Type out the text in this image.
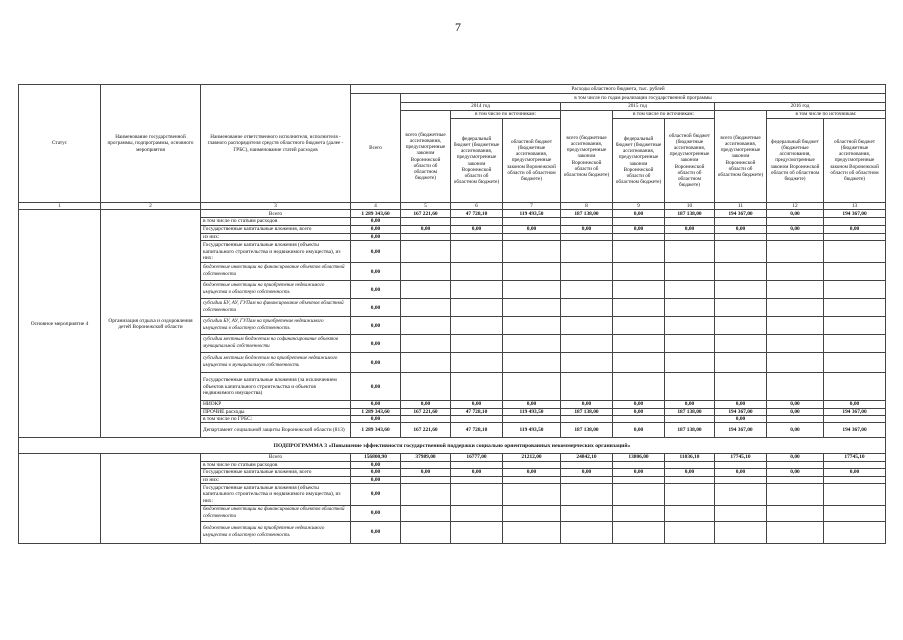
7
Статус	Наименование государственной программы, подпрограммы, основного мероприятия	Наименование ответственного исполнителя, исполнителя - главного распорядителя средств областного бюджета (далее - ГРБС), наименование статей расходов	Расходы областного бюджета, тыс. рублей									
			Всего	в том числе по годам реализации государственной программы								
				2014 год			2015 год			2016 год		
				всего (бюджетные ассигнования, предусмотренные законом Воронежской области об областном бюджете)	в том числе по источникам:		всего (бюджетные ассигнования, предусмотренные законом Воронежской области об областном бюджете)	в том числе по источникам:		всего (бюджетные ассигнования, предусмотренные законом Воронежской области об областном бюджете)	в том числе по источникам:	
					федеральный бюджет (бюджетные ассигнования, предусмотренные законом Воронежской области об областном бюджете)	областной бюджет (бюджетные ассигнования, предусмотренные законом Воронежской области об областном бюджете)		федеральный бюджет (бюджетные ассигнования, предусмотренные законом Воронежской области об областном бюджете)	областной бюджет (бюджетные ассигнования, предусмотренные законом Воронежской области об областном бюджете)		федеральный бюджет (бюджетные ассигнования, предусмотренные законом Воронежской области об областном бюджете)	областной бюджет (бюджетные ассигнования, предусмотренные законом Воронежской области об областном бюджете)
1	2	3	4	5	6	7	8	9	10	11	12	13
Основное мероприятие 4	Организация отдыха и оздоровления детей Воронежской области	Всего	1 289 343,60	167 221,60	47 728,10	119 493,50	187 138,00	0,00	187 138,00	194 367,00	0,00	194 367,00
		в том числе по статьям расходов	0,00									
		Государственные капитальные вложения, всего	0,00	0,00	0,00	0,00	0,00	0,00	0,00	0,00	0,00	0,00
		из них:	0,00									
		Государственные капитальные вложения (объекты капитального строительства и недвижимого имущества), из них:	0,00									
		бюджетные инвестиции на финансирование объектов областной собственности	0,00									
		бюджетные инвестиции на приобретение недвижимого имущества в областную собственность	0,00									
		субсидии БУ, АУ, ГУПам на финансирование объектов областной собственности	0,00									
		субсидии БУ, АУ, ГУПам на приобретение недвижимого имущества в областную собственность	0,00									
		субсидии местным бюджетам на софинансирование объектов муниципальной собственности	0,00									
		субсидии местным бюджетам на приобретение недвижимого имущества в муниципальную собственность	0,00									
		Государственные капитальные вложения (за исключением объектов капитального строительства и объектов недвижимого имущества)	0,00									
		НИОКР	0,00	0,00	0,00	0,00	0,00	0,00	0,00	0,00	0,00	0,00
		ПРОЧИЕ расходы	1 289 343,60	167 221,60	47 728,10	119 493,50	187 138,00	0,00	187 138,00	194 367,00	0,00	194 367,00
		в том числе по ГРБС:	0,00							0,00		
		Департамент социальной защиты Воронежской области (813)	1 289 343,60	167 221,60	47 728,10	119 493,50	187 138,00	0,00	187 138,00	194 367,00	0,00	194 367,00
ПОДПРОГРАММА 3 «Повышение эффективности государственной поддержки социально ориентированных некоммерческих организаций»												
		Всего	156800,90	37989,00	16777,00	21212,00	24842,10	13806,00	11036,10	17745,10	0,00	17745,10
		в том числе по статьям расходов	0,00									
		Государственные капитальные вложения, всего	0,00	0,00	0,00	0,00	0,00	0,00	0,00	0,00	0,00	0,00
		из них:	0,00									
		Государственные капитальные вложения (объекты капитального строительства и недвижимого имущества), из них:	0,00									
		бюджетные инвестиции на финансирование объектов областной собственности	0,00									
		бюджетные инвестиции на приобретение недвижимого имущества в областную собственность	0,00									
